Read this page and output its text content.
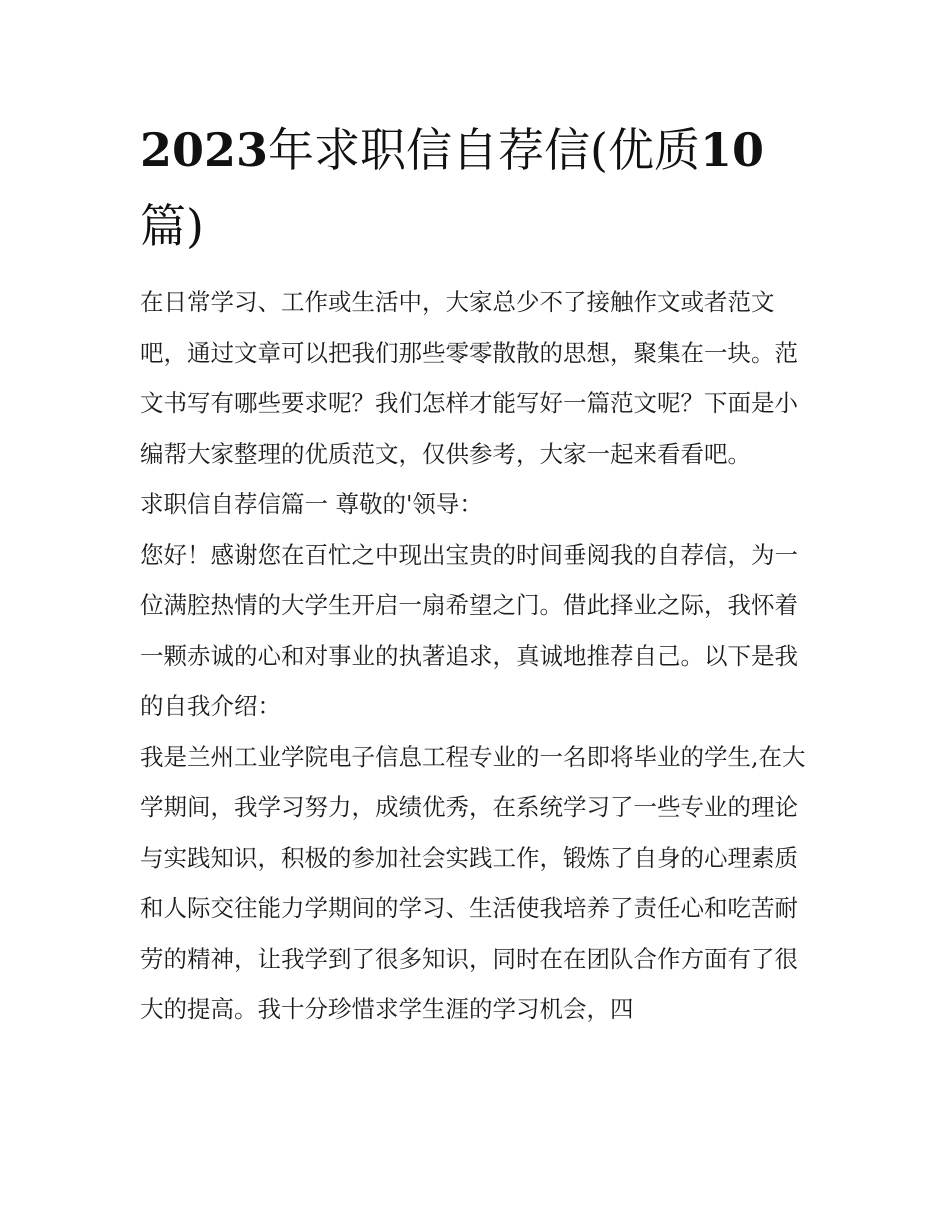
2023年求职信自荐信(优质10
篇)

在日常学习、工作或生活中，大家总少不了接触作文或者范文吧，通过文章可以把我们那些零零散散的思想，聚集在一块。范文书写有哪些要求呢？我们怎样才能写好一篇范文呢？下面是小编帮大家整理的优质范文，仅供参考，大家一起来看看吧。

求职信自荐信篇一 尊敬的'领导：

您好！感谢您在百忙之中现出宝贵的时间垂阅我的自荐信，为一位满腔热情的大学生开启一扇希望之门。借此择业之际，我怀着一颗赤诚的心和对事业的执著追求，真诚地推荐自己。以下是我的自我介绍：

我是兰州工业学院电子信息工程专业的一名即将毕业的学生,在大学期间，我学习努力，成绩优秀，在系统学习了一些专业的理论与实践知识，积极的参加社会实践工作，锻炼了自身的心理素质和人际交往能力学期间的学习、生活使我培养了责任心和吃苦耐劳的精神，让我学到了很多知识，同时在在团队合作方面有了很大的提高。我十分珍惜求学生涯的学习机会，四
